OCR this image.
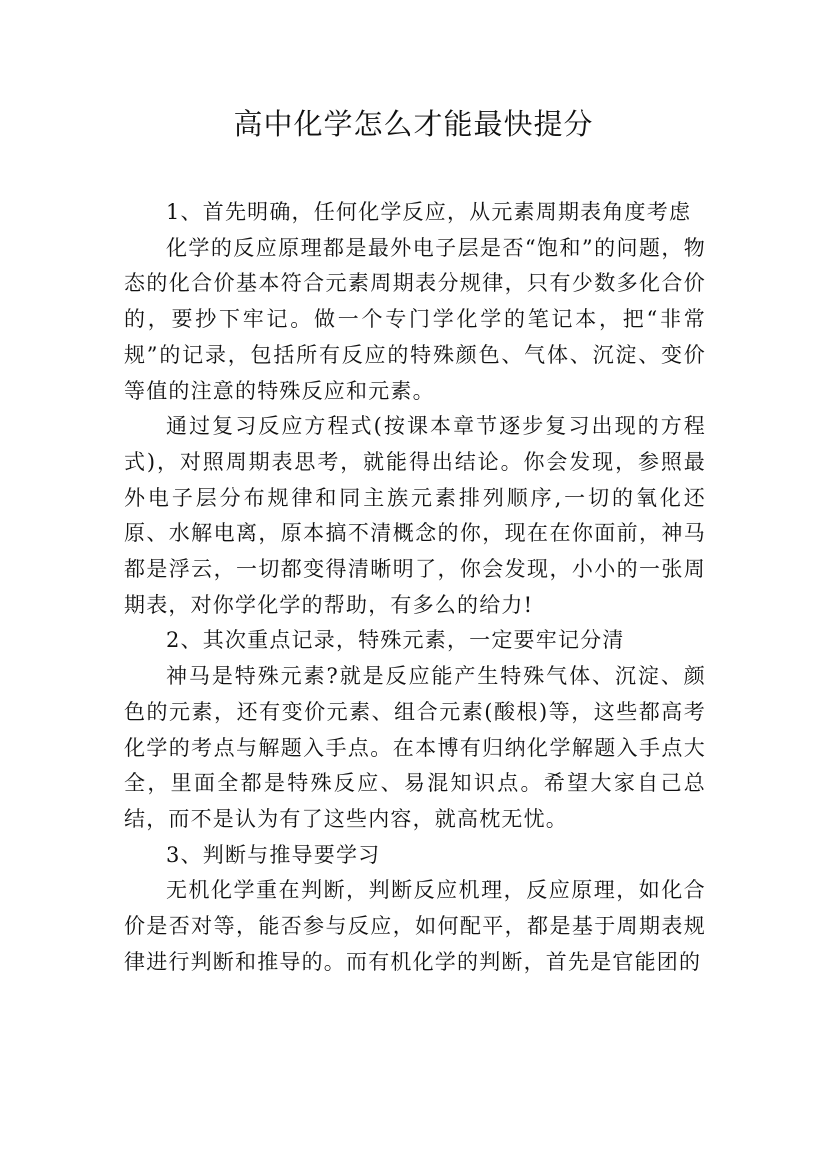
高中化学怎么才能最快提分

1、首先明确，任何化学反应，从元素周期表角度考虑

化学的反应原理都是最外电子层是否“饱和”的问题，物态的化合价基本符合元素周期表分规律，只有少数多化合价的，要抄下牢记。做一个专门学化学的笔记本，把“非常规”的记录，包括所有反应的特殊颜色、气体、沉淀、变价等值的注意的特殊反应和元素。

通过复习反应方程式(按课本章节逐步复习出现的方程式)，对照周期表思考，就能得出结论。你会发现，参照最外电子层分布规律和同主族元素排列顺序,一切的氧化还原、水解电离，原本搞不清概念的你，现在在你面前，神马都是浮云，一切都变得清晰明了，你会发现，小小的一张周期表，对你学化学的帮助，有多么的给力!

2、其次重点记录，特殊元素，一定要牢记分清

神马是特殊元素?就是反应能产生特殊气体、沉淀、颜色的元素，还有变价元素、组合元素(酸根)等，这些都高考化学的考点与解题入手点。在本博有归纳化学解题入手点大全，里面全都是特殊反应、易混知识点。希望大家自己总结，而不是认为有了这些内容，就高枕无忧。

3、判断与推导要学习

无机化学重在判断，判断反应机理，反应原理，如化合价是否对等，能否参与反应，如何配平，都是基于周期表规律进行判断和推导的。而有机化学的判断，首先是官能团的
